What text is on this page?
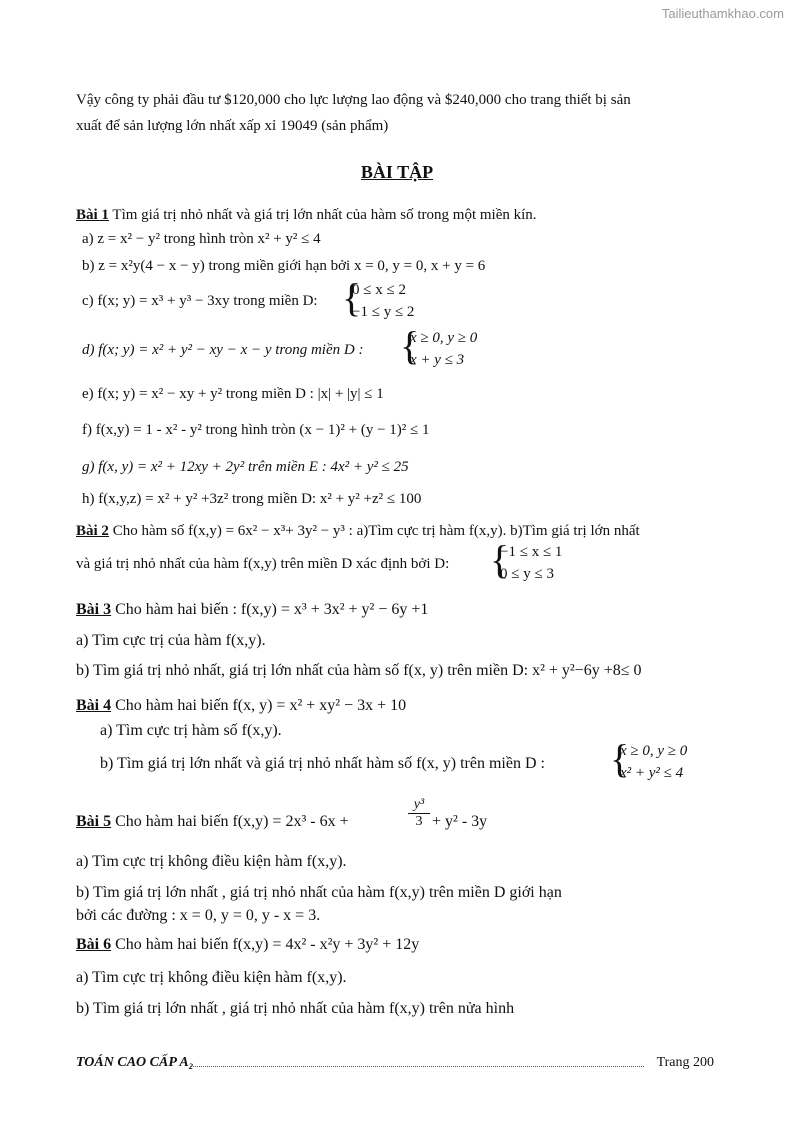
Tailieuthamkhao.com
Vậy công ty phải đầu tư $120,000 cho lực lượng lao động và $240,000 cho trang thiết bị sản
xuất để sản lượng lớn nhất xấp xỉ 19049 (sản phẩm)
BÀI TẬP
Bài 1 Tìm giá trị nhỏ nhất và giá trị lớn nhất của hàm số trong một miền kín.
a) z = x² − y² trong hình tròn x² + y² ≤ 4
b) z = x²y(4 − x − y) trong miền giới hạn bởi x = 0, y = 0, x + y = 6
c) f(x; y) = x³ + y³ − 3xy trong miền D: {
0 ≤ x ≤ 2
−1 ≤ y ≤ 2
d) f(x; y) = x² + y² − xy − x − y trong miền D : {
x ≥ 0, y ≥ 0
x + y ≤ 3
e) f(x; y) = x² − xy + y² trong miền D : |x| + |y| ≤ 1
f) f(x,y) = 1 - x² - y² trong hình tròn (x − 1)² + (y − 1)² ≤ 1
g) f(x, y) = x² + 12xy + 2y² trên miền E : 4x² + y² ≤ 25
h) f(x,y,z) = x² + y² +3z² trong miền D: x² + y² +z² ≤ 100
Bài 2 Cho hàm số f(x,y) = 6x² − x³+ 3y² − y³ : a)Tìm cực trị hàm f(x,y). b)Tìm giá trị lớn nhất
và giá trị nhỏ nhất của hàm f(x,y) trên miền D xác định bởi D: {
−1 ≤ x ≤ 1
0 ≤ y ≤ 3
Bài 3 Cho hàm hai biến : f(x,y) = x³ + 3x² + y² − 6y +1
a) Tìm cực trị của hàm f(x,y).
b) Tìm giá trị nhỏ nhất, giá trị lớn nhất của hàm số f(x, y) trên miền D: x² + y²−6y +8≤ 0
Bài 4 Cho hàm hai biến f(x, y) = x² + xy² − 3x + 10
a) Tìm cực trị hàm số f(x,y).
b) Tìm giá trị lớn nhất và giá trị nhỏ nhất hàm số f(x, y) trên miền D : {
x ≥ 0, y ≥ 0
x² + y² ≤ 4
Bài 5 Cho hàm hai biến f(x,y) = 2x³ - 6x +	$\frac{\text{y³}}{3} + y^2 - 3y$
a) Tìm cực trị không điều kiện hàm f(x,y).
b) Tìm giá trị lớn nhất , giá trị nhỏ nhất của hàm f(x,y) trên miền D giới hạn
bởi các đường : x = 0, y = 0, y - x = 3.
Bài 6 Cho hàm hai biến f(x,y) = 4x² - x²y + 3y² + 12y
a) Tìm cực trị không điều kiện hàm f(x,y).
b) Tìm giá trị lớn nhất , giá trị nhỏ nhất của hàm f(x,y) trên nửa hình
TOÁN CAO CẤP A₂	Trang 200
